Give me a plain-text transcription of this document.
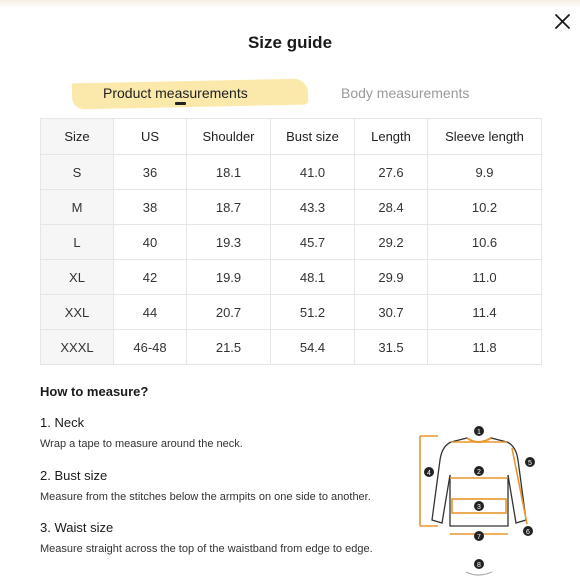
Size guide
Product measurements	Body measurements
Size	US	Shoulder	Bust size	Length	Sleeve length
S	36	18.1	41.0	27.6	9.9
M	38	18.7	43.3	28.4	10.2
L	40	19.3	45.7	29.2	10.6
XL	42	19.9	48.1	29.9	11.0
XXL	44	20.7	51.2	30.7	11.4
XXXL	46-48	21.5	54.4	31.5	11.8
How to measure?
1. Neck
Wrap a tape to measure around the neck.
2. Bust size
Measure from the stitches below the armpits on one side to another.
3. Waist size
Measure straight across the top of the waistband from edge to edge.
1
2
3
4
5
6
7
8
